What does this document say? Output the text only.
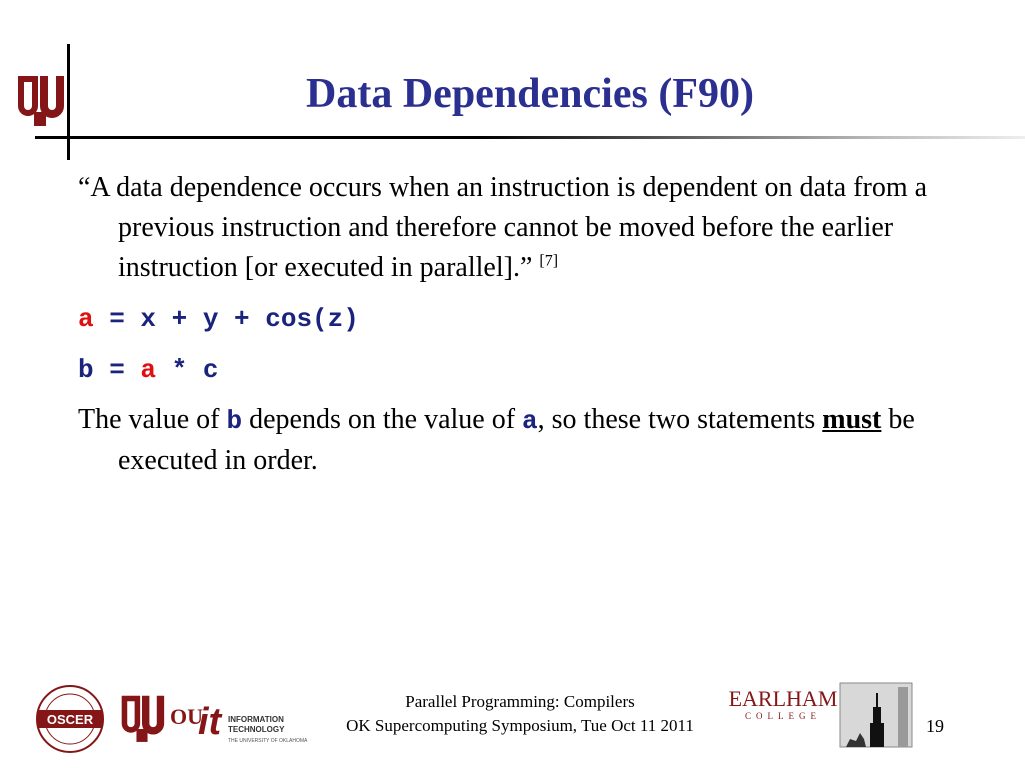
Data Dependencies (F90)

“A data dependence occurs when an instruction is dependent on data from a previous instruction and therefore cannot be moved before the earlier instruction [or executed in parallel].” [7]

a = x + y + cos(z)

b = a * c

The value of b depends on the value of a, so these two statements must be executed in order.

OSCER	OU
it INFORMATION
TECHNOLOGY
THE UNIVERSITY OF OKLAHOMA
Parallel Programming: Compilers
OK Supercomputing Symposium, Tue Oct 11 2011
EARLHAM
COLLEGE	19
